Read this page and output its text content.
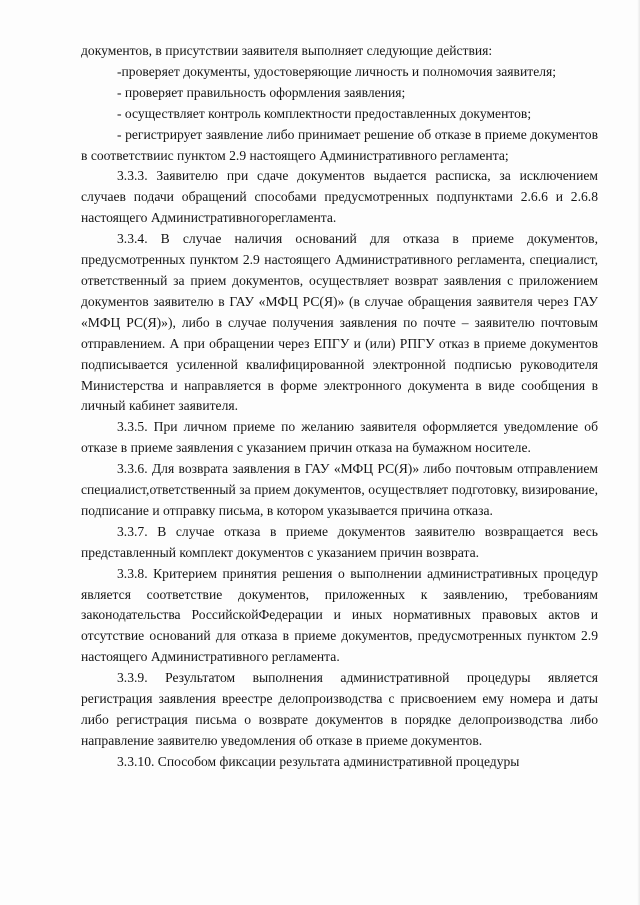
документов, в присутствии заявителя выполняет следующие действия:

-проверяет документы, удостоверяющие личность и полномочия заявителя;

- проверяет правильность оформления заявления;

- осуществляет контроль комплектности предоставленных документов;

- регистрирует заявление либо принимает решение об отказе в приеме документов в соответствиис пунктом 2.9 настоящего Административного регламента;

3.3.3. Заявителю при сдаче документов выдается расписка, за исключением случаев подачи обращений способами предусмотренных подпунктами 2.6.6 и 2.6.8 настоящего Административногорегламента.

3.3.4. В случае наличия оснований для отказа в приеме документов, предусмотренных пунктом 2.9 настоящего Административного регламента, специалист, ответственный за прием документов, осуществляет возврат заявления с приложением документов заявителю в ГАУ «МФЦ РС(Я)» (в случае обращения заявителя через ГАУ «МФЦ РС(Я)»), либо в случае получения заявления по почте – заявителю почтовым отправлением. А при обращении через ЕПГУ и (или) РПГУ отказ в приеме документов подписывается усиленной квалифицированной электронной подписью руководителя Министерства и направляется в форме электронного документа в виде сообщения в личный кабинет заявителя.

3.3.5. При личном приеме по желанию заявителя оформляется уведомление об отказе в приеме заявления с указанием причин отказа на бумажном носителе.

3.3.6. Для возврата заявления в ГАУ «МФЦ РС(Я)» либо почтовым отправлением специалист,ответственный за прием документов, осуществляет подготовку, визирование, подписание и отправку письма, в котором указывается причина отказа.

3.3.7. В случае отказа в приеме документов заявителю возвращается весь представленный комплект документов с указанием причин возврата.

3.3.8. Критерием принятия решения о выполнении административных процедур является соответствие документов, приложенных к заявлению, требованиям законодательства РоссийскойФедерации и иных нормативных правовых актов и отсутствие оснований для отказа в приеме документов, предусмотренных пунктом 2.9 настоящего Административного регламента.

3.3.9. Результатом выполнения административной процедуры является регистрация заявления вреестре делопроизводства с присвоением ему номера и даты либо регистрация письма о возврате документов в порядке делопроизводства либо направление заявителю уведомления об отказе в приеме документов.

3.3.10. Способом фиксации результата административной процедуры
